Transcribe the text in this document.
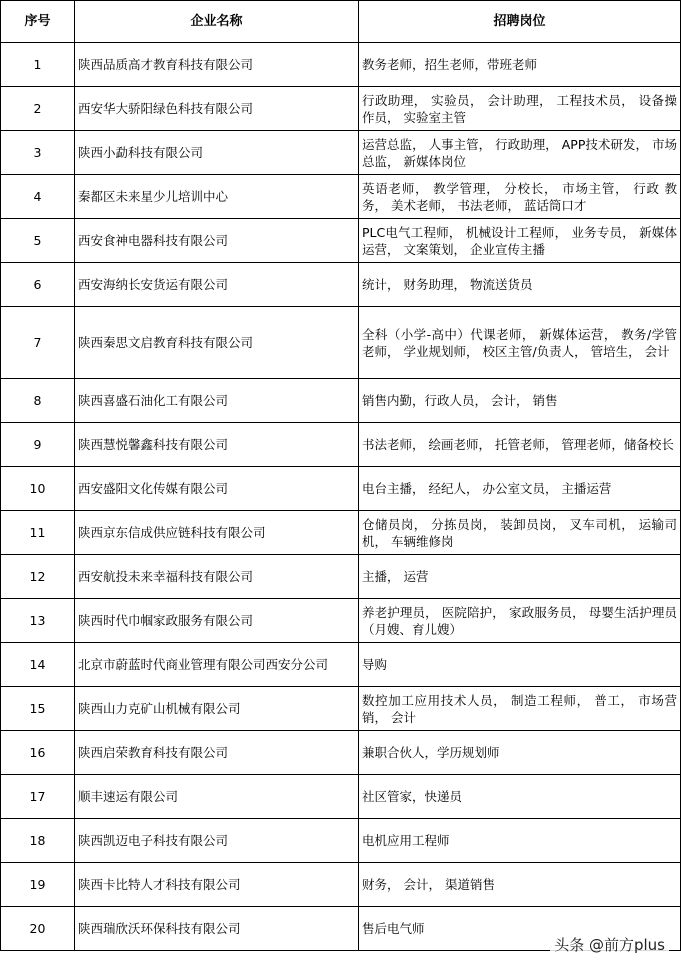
序号	企业名称	招聘岗位
1	陕西品质高才教育科技有限公司	教务老师，招生老师，带班老师
2	西安华大骄阳绿色科技有限公司	行政助理， 实验员， 会计助理， 工程技术员， 设备操作员， 实验室主管
3	陕西小勐科技有限公司	运营总监， 人事主管， 行政助理， APP技术研发， 市场总监， 新媒体岗位
4	秦都区未来星少儿培训中心	英语老师， 教学管理， 分校长， 市场主管， 行政 教务， 美术老师， 书法老师， 蓝话筒口才
5	西安食神电器科技有限公司	PLC电气工程师， 机械设计工程师， 业务专员， 新媒体运营， 文案策划， 企业宣传主播
6	西安海纳长安货运有限公司	统计， 财务助理， 物流送货员
7	陕西秦思文启教育科技有限公司	全科（小学-高中）代课老师， 新媒体运营， 教务/学管老师， 学业规划师， 校区主管/负责人， 管培生， 会计
8	陕西喜盛石油化工有限公司	销售内勤，行政人员， 会计， 销售
9	陕西慧悦馨鑫科技有限公司	书法老师， 绘画老师， 托管老师， 管理老师，储备校长
10	西安盛阳文化传媒有限公司	电台主播， 经纪人， 办公室文员， 主播运营
11	陕西京东信成供应链科技有限公司	仓储员岗， 分拣员岗， 装卸员岗， 叉车司机， 运输司机， 车辆维修岗
12	西安航投未来幸福科技有限公司	主播， 运营
13	陕西时代巾帼家政服务有限公司	养老护理员， 医院陪护， 家政服务员， 母婴生活护理员（月嫂、育儿嫂）
14	北京市蔚蓝时代商业管理有限公司西安分公司	导购
15	陕西山力克矿山机械有限公司	数控加工应用技术人员， 制造工程师， 普工， 市场营销， 会计
16	陕西启荣教育科技有限公司	兼职合伙人，学历规划师
17	顺丰速运有限公司	社区管家，快递员
18	陕西凯迈电子科技有限公司	电机应用工程师
19	陕西卡比特人才科技有限公司	财务， 会计， 渠道销售
20	陕西瑞欣沃环保科技有限公司	售后电气师
头条 @前方plus
